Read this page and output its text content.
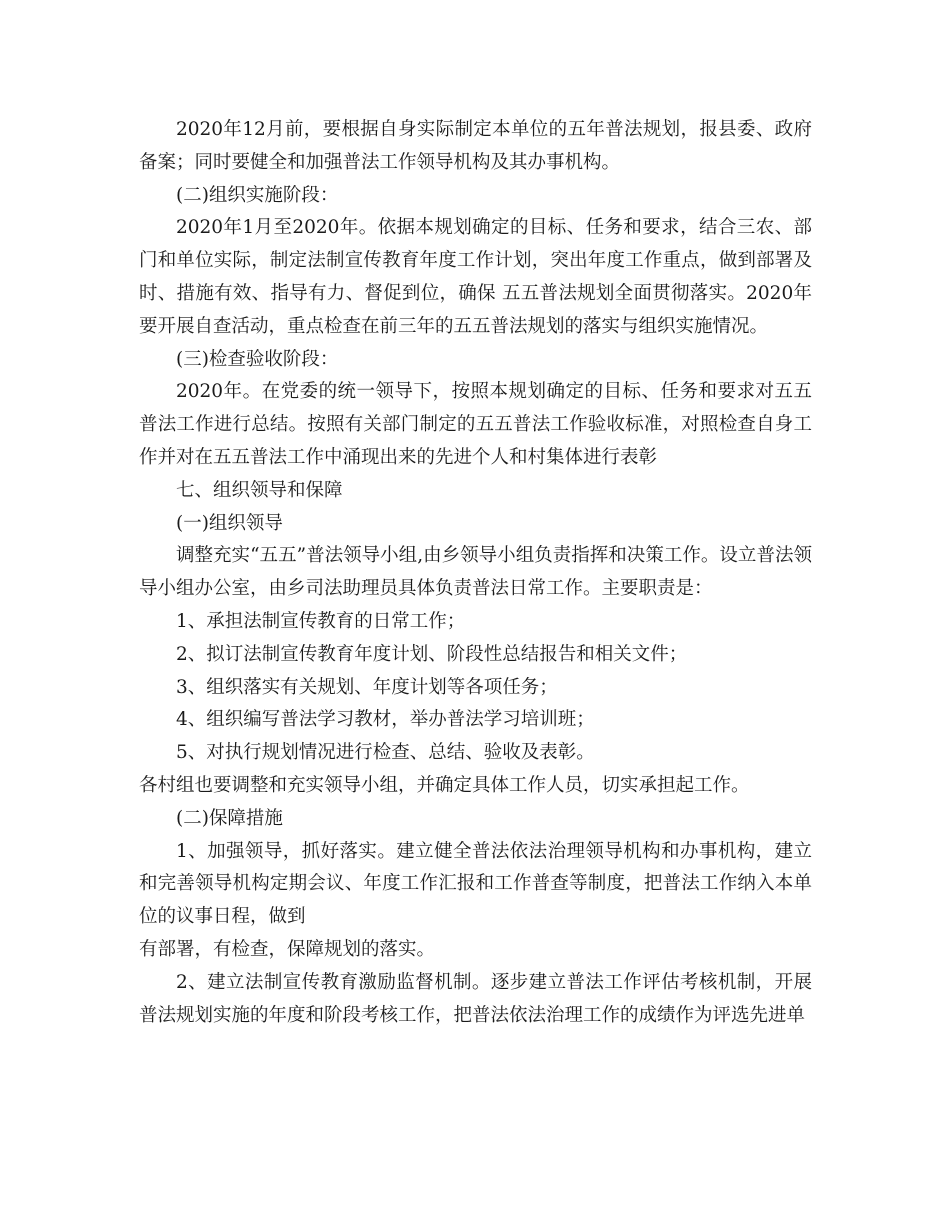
2020年12月前，要根据自身实际制定本单位的五年普法规划，报县委、政府备案；同时要健全和加强普法工作领导机构及其办事机构。

(二)组织实施阶段：

2020年1月至2020年。依据本规划确定的目标、任务和要求，结合三农、部门和单位实际，制定法制宣传教育年度工作计划，突出年度工作重点，做到部署及时、措施有效、指导有力、督促到位，确保 五五普法规划全面贯彻落实。2020年要开展自查活动，重点检查在前三年的五五普法规划的落实与组织实施情况。

(三)检查验收阶段：

2020年。在党委的统一领导下，按照本规划确定的目标、任务和要求对五五普法工作进行总结。按照有关部门制定的五五普法工作验收标准，对照检查自身工作并对在五五普法工作中涌现出来的先进个人和村集体进行表彰

七、组织领导和保障

(一)组织领导

调整充实“五五”普法领导小组,由乡领导小组负责指挥和决策工作。设立普法领导小组办公室，由乡司法助理员具体负责普法日常工作。主要职责是：

1、承担法制宣传教育的日常工作；

2、拟订法制宣传教育年度计划、阶段性总结报告和相关文件；

3、组织落实有关规划、年度计划等各项任务；

4、组织编写普法学习教材，举办普法学习培训班；

5、对执行规划情况进行检查、总结、验收及表彰。

各村组也要调整和充实领导小组，并确定具体工作人员，切实承担起工作。

(二)保障措施

1、加强领导，抓好落实。建立健全普法依法治理领导机构和办事机构，建立和完善领导机构定期会议、年度工作汇报和工作普查等制度，把普法工作纳入本单位的议事日程，做到

有部署，有检查，保障规划的落实。

2、建立法制宣传教育激励监督机制。逐步建立普法工作评估考核机制，开展普法规划实施的年度和阶段考核工作，把普法依法治理工作的成绩作为评选先进单
